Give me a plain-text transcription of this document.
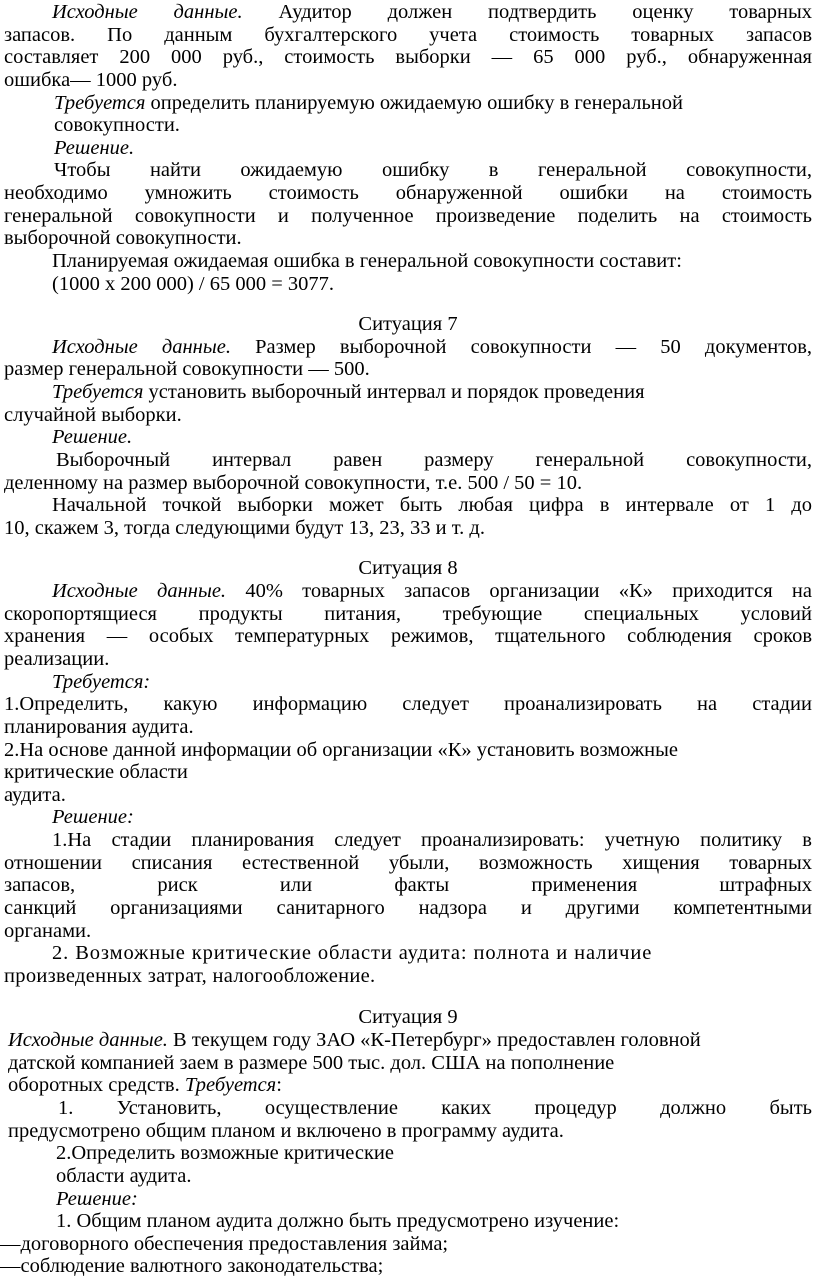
Исходные данные. Аудитор должен подтвердить оценку товарных
запасов. По данным бухгалтерского учета стоимость товарных запасов
составляет 200 000 руб., стоимость выборки — 65 000 руб., обнаруженная
ошибка— 1000 руб.
Требуется определить планируемую ожидаемую ошибку в генеральной
совокупности.
Решение.
Чтобы найти ожидаемую ошибку в генеральной совокупности,
необходимо умножить стоимость обнаруженной ошибки на стоимость
генеральной совокупности и полученное произведение поделить на стоимость
выборочной совокупности.
Планируемая ожидаемая ошибка в генеральной совокупности составит:
(1000 х 200 000) / 65 000 = 3077.
Ситуация 7
Исходные данные. Размер выборочной совокупности — 50 документов,
размер генеральной совокупности — 500.
Требуется установить выборочный интервал и порядок проведения
случайной выборки.
Решение.
Выборочный интервал равен размеру генеральной совокупности,
деленному на размер выборочной совокупности, т.е. 500 / 50 = 10.
Начальной точкой выборки может быть любая цифра в интервале от 1 до
10, скажем 3, тогда следующими будут 13, 23, 33 и т. д.
Ситуация 8
Исходные данные. 40% товарных запасов организации «К» приходится на
скоропортящиеся продукты питания, требующие специальных условий
хранения — особых температурных режимов, тщательного соблюдения сроков
реализации.
Требуется:
1.Определить, какую информацию следует проанализировать на стадии
планирования аудита.
2.На основе данной информации об организации «К» установить возможные
критические области
аудита.
Решение:
1.На стадии планирования следует проанализировать: учетную политику в
отношении списания естественной убыли, возможность хищения товарных
запасов, риск или факты применения штрафных
санкций организациями санитарного надзора и другими компетентными
органами.
2. Возможные критические области аудита: полнота и наличие
произведенных затрат, налогообложение.
Ситуация 9
Исходные данные. В текущем году ЗАО «К-Петербург» предоставлен головной
датской компанией заем в размере 500 тыс. дол. США на пополнение
оборотных средств. Требуется:
1. Установить, осуществление каких процедур должно быть
предусмотрено общим планом и включено в программу аудита.
2.Определить возможные критические
области аудита.
Решение:
1. Общим планом аудита должно быть предусмотрено изучение:
—договорного обеспечения предоставления займа;
—соблюдение валютного законодательства;
